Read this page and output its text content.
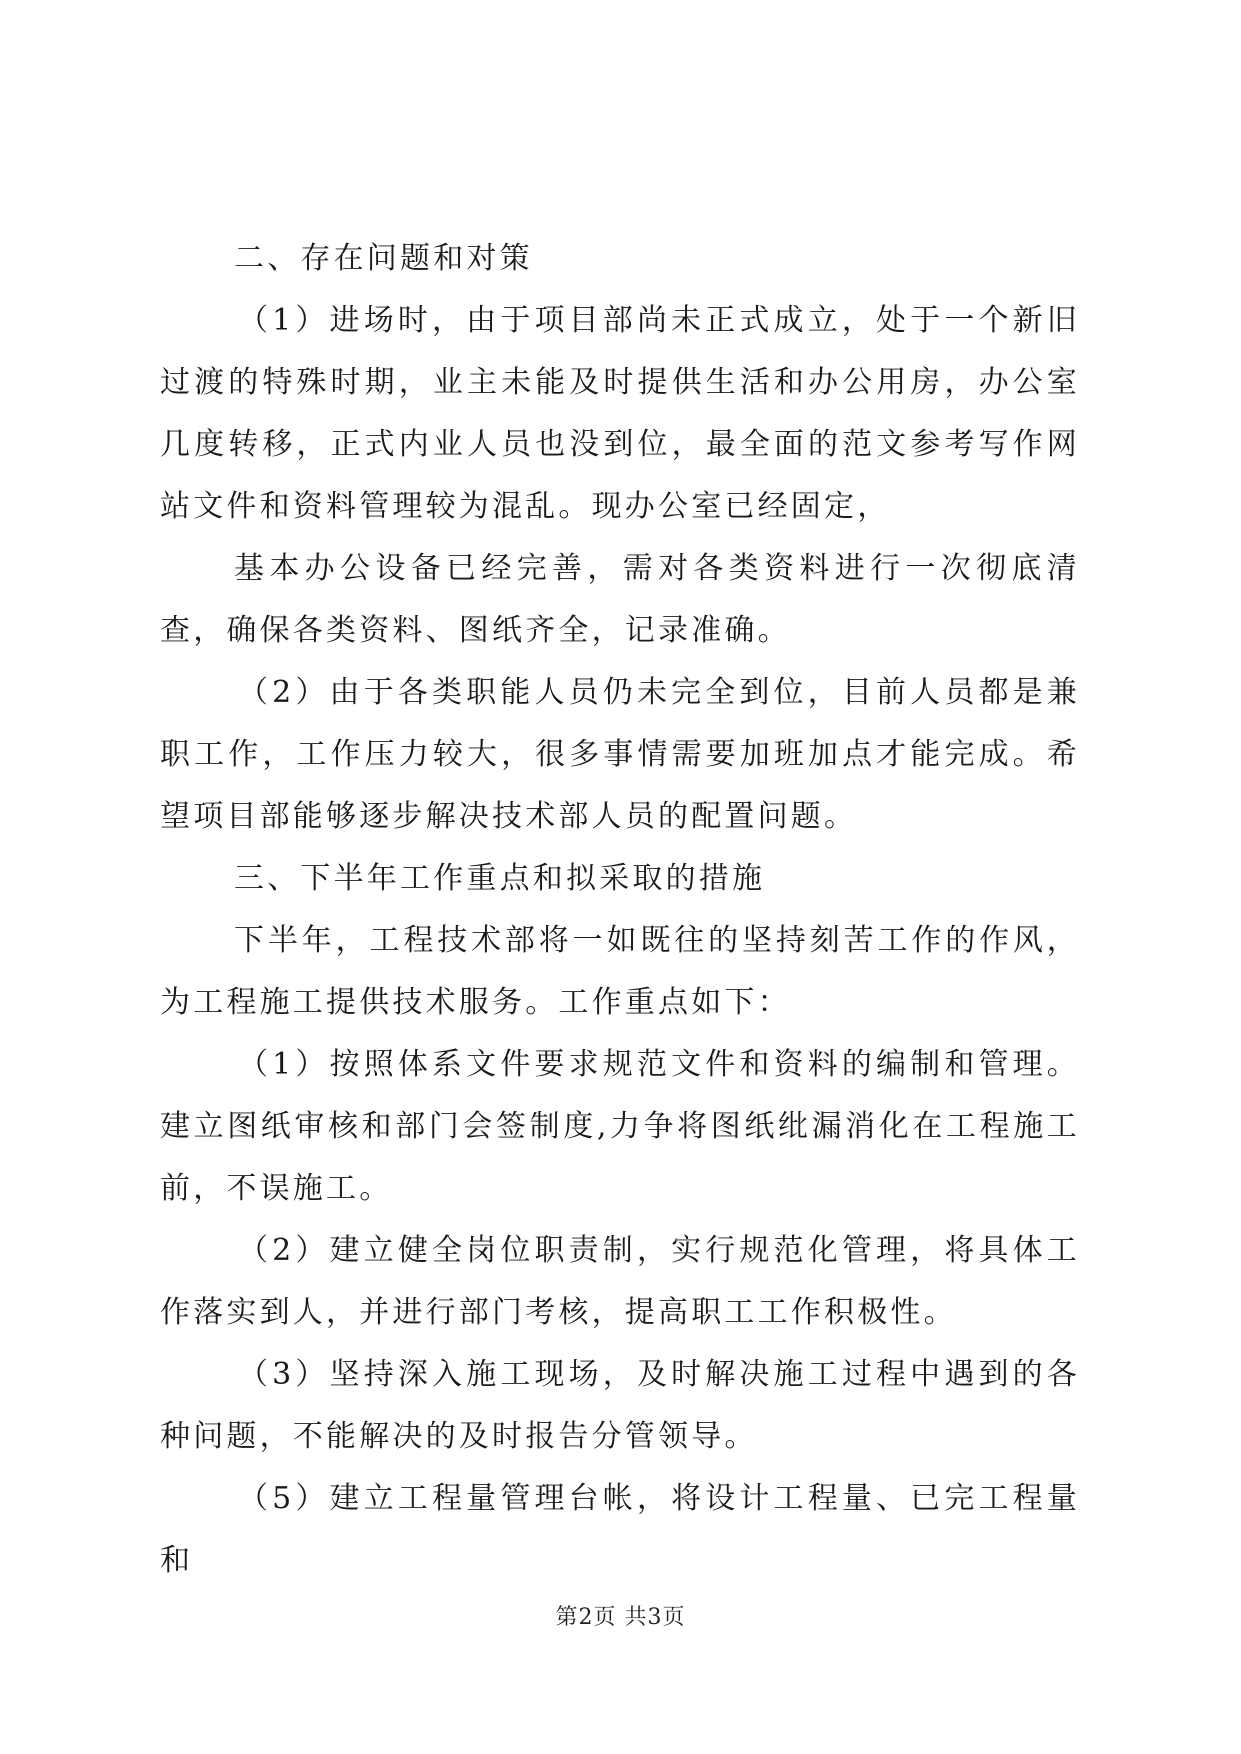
二、存在问题和对策

（1）进场时，由于项目部尚未正式成立，处于一个新旧过渡的特殊时期，业主未能及时提供生活和办公用房，办公室几度转移，正式内业人员也没到位，最全面的范文参考写作网站文件和资料管理较为混乱。现办公室已经固定，

基本办公设备已经完善，需对各类资料进行一次彻底清查，确保各类资料、图纸齐全，记录准确。

（2）由于各类职能人员仍未完全到位，目前人员都是兼职工作，工作压力较大，很多事情需要加班加点才能完成。希望项目部能够逐步解决技术部人员的配置问题。

三、下半年工作重点和拟采取的措施

下半年，工程技术部将一如既往的坚持刻苦工作的作风，为工程施工提供技术服务。工作重点如下：

（1）按照体系文件要求规范文件和资料的编制和管理。建立图纸审核和部门会签制度,力争将图纸纰漏消化在工程施工前，不误施工。

（2）建立健全岗位职责制，实行规范化管理，将具体工作落实到人，并进行部门考核，提高职工工作积极性。

（3）坚持深入施工现场，及时解决施工过程中遇到的各种问题，不能解决的及时报告分管领导。

（5）建立工程量管理台帐，将设计工程量、已完工程量和

第2页 共3页
